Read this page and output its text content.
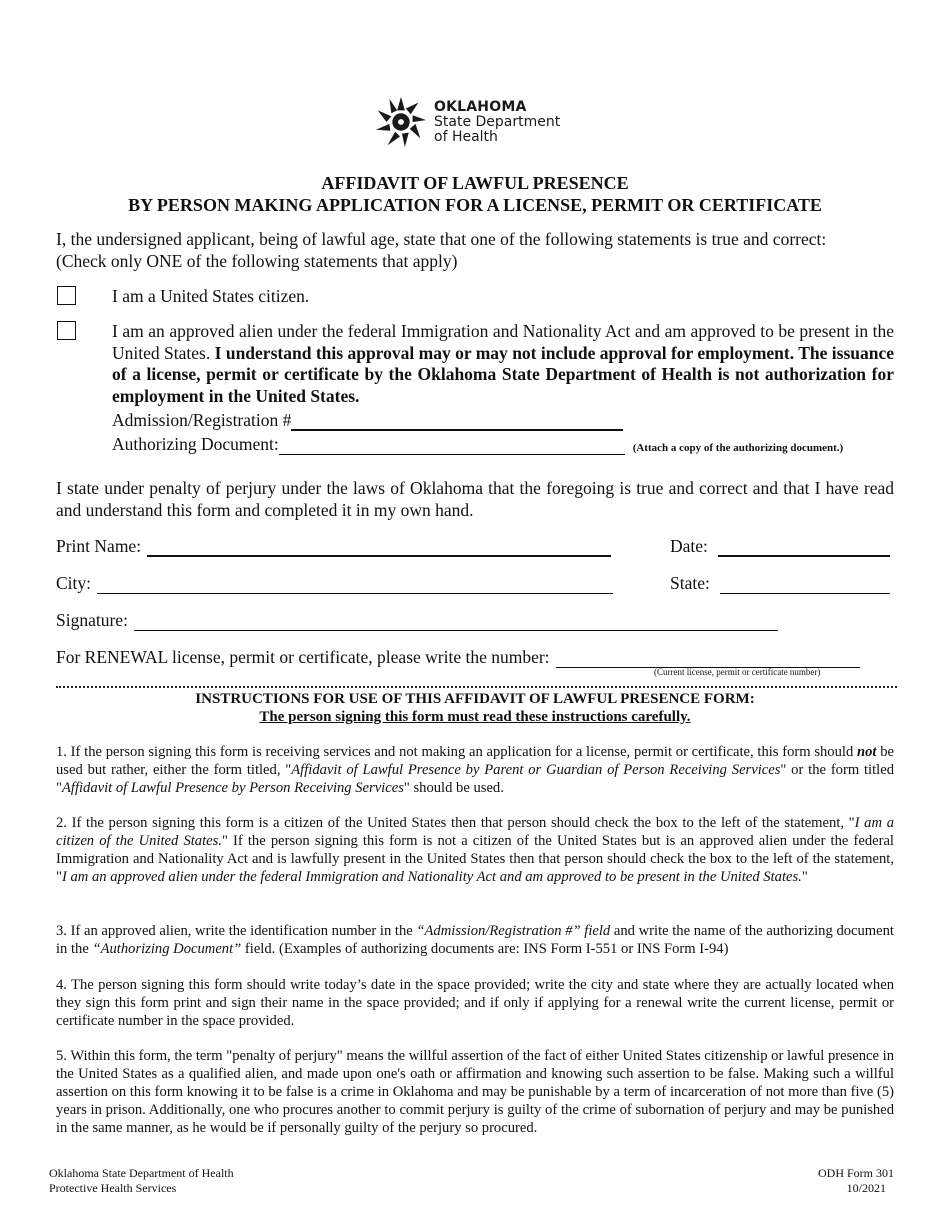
OKLAHOMA
State Department
of Health
AFFIDAVIT OF LAWFUL PRESENCE
BY PERSON MAKING APPLICATION FOR A LICENSE, PERMIT OR CERTIFICATE
I, the undersigned applicant, being of lawful age, state that one of the following statements is true and correct:
(Check only ONE of the following statements that apply)
I am a United States citizen.
I am an approved alien under the federal Immigration and Nationality Act and am approved to be present in the United States. I understand this approval may or may not include approval for employment. The issuance of a license, permit or certificate by the Oklahoma State Department of Health is not authorization for employment in the United States.
Admission/Registration #
Authorizing Document:	(Attach a copy of the authorizing document.)
I state under penalty of perjury under the laws of Oklahoma that the foregoing is true and correct and that I have read and understand this form and completed it in my own hand.
Print Name:	Date:
City:	State:
Signature:
For RENEWAL license, permit or certificate, please write the number:
(Current license, permit or certificate number)
INSTRUCTIONS FOR USE OF THIS AFFIDAVIT OF LAWFUL PRESENCE FORM:
The person signing this form must read these instructions carefully.
1. If the person signing this form is receiving services and not making an application for a license, permit or certificate, this form should not be used but rather, either the form titled, "Affidavit of Lawful Presence by Parent or Guardian of Person Receiving Services" or the form titled "Affidavit of Lawful Presence by Person Receiving Services" should be used.
2. If the person signing this form is a citizen of the United States then that person should check the box to the left of the statement, "I am a citizen of the United States." If the person signing this form is not a citizen of the United States but is an approved alien under the federal Immigration and Nationality Act and is lawfully present in the United States then that person should check the box to the left of the statement, "I am an approved alien under the federal Immigration and Nationality Act and am approved to be present in the United States."
3. If an approved alien, write the identification number in the “Admission/Registration #” field and write the name of the authorizing document in the “Authorizing Document” field. (Examples of authorizing documents are: INS Form I-551 or INS Form I-94)
4. The person signing this form should write today’s date in the space provided; write the city and state where they are actually located when they sign this form print and sign their name in the space provided; and if only if applying for a renewal write the current license, permit or certificate number in the space provided.
5. Within this form, the term "penalty of perjury" means the willful assertion of the fact of either United States citizenship or lawful presence in the United States as a qualified alien, and made upon one's oath or affirmation and knowing such assertion to be false. Making such a willful assertion on this form knowing it to be false is a crime in Oklahoma and may be punishable by a term of incarceration of not more than five (5) years in prison. Additionally, one who procures another to commit perjury is guilty of the crime of subornation of perjury and may be punished in the same manner, as he would be if personally guilty of the perjury so procured.
Oklahoma State Department of Health
Protective Health Services
ODH Form 301
10/2021
